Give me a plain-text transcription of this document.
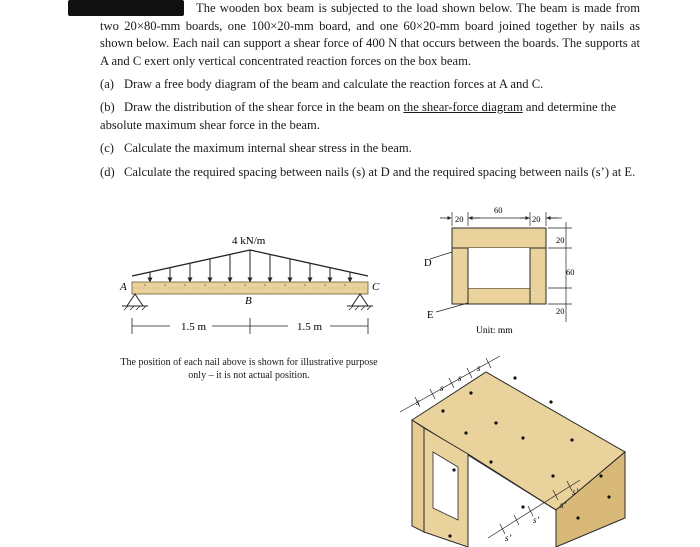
The wooden box beam is subjected to the load shown below. The beam is made from two 20×80-mm boards, one 100×20-mm board, and one 60×20-mm board joined together by nails as shown below. Each nail can support a shear force of 400 N that occurs between the boards. The supports at A and C exert only vertical concentrated reaction forces on the box beam.
(a) Draw a free body diagram of the beam and calculate the reaction forces at A and C.
(b) Draw the distribution of the shear force in the beam on the shear-force diagram and determine the absolute maximum shear force in the beam.
(c) Calculate the maximum internal shear stress in the beam.
(d) Calculate the required spacing between nails (s) at D and the required spacing between nails (s’) at E.
4 kN/m
A	C
B
1.5 m	1.5 m
20
60
20
20
60
20
D
E
Unit: mm
s
s
s
s
s’
s’
s’
s’
The position of each nail above is shown for illustrative purpose only – it is not actual position.
